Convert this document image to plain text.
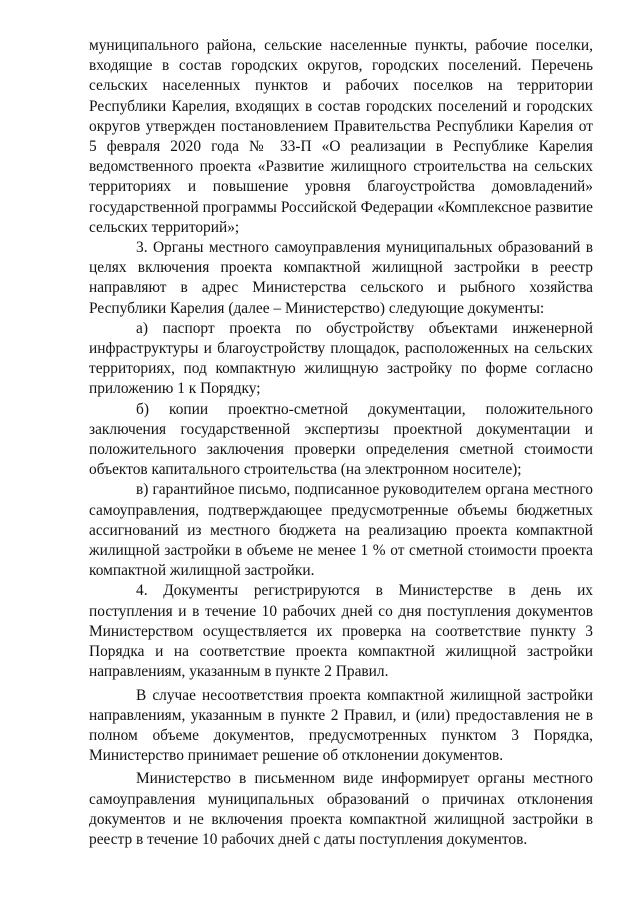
муниципального района, сельские населенные пункты, рабочие поселки, входящие в состав городских округов, городских поселений. Перечень сельских населенных пунктов и рабочих поселков на территории Республики Карелия, входящих в состав городских поселений и городских округов утвержден постановлением Правительства Республики Карелия от 5 февраля 2020 года № 33-П «О реализации в Республике Карелия ведомственного проекта «Развитие жилищного строительства на сельских территориях и повышение уровня благоустройства домовладений» государственной программы Российской Федерации «Комплексное развитие сельских территорий»;

3. Органы местного самоуправления муниципальных образований в целях включения проекта компактной жилищной застройки в реестр направляют в адрес Министерства сельского и рыбного хозяйства Республики Карелия (далее – Министерство) следующие документы:

а) паспорт проекта по обустройству объектами инженерной инфраструктуры и благоустройству площадок, расположенных на сельских территориях, под компактную жилищную застройку по форме согласно приложению 1 к Порядку;

б) копии проектно-сметной документации, положительного заключения государственной экспертизы проектной документации и положительного заключения проверки определения сметной стоимости объектов капитального строительства (на электронном носителе);

в) гарантийное письмо, подписанное руководителем органа местного самоуправления, подтверждающее предусмотренные объемы бюджетных ассигнований из местного бюджета на реализацию проекта компактной жилищной застройки в объеме не менее 1 % от сметной стоимости проекта компактной жилищной застройки.

4. Документы регистрируются в Министерстве в день их поступления и в течение 10 рабочих дней со дня поступления документов Министерством осуществляется их проверка на соответствие пункту 3 Порядка и на соответствие проекта компактной жилищной застройки направлениям, указанным в пункте 2 Правил.

В случае несоответствия проекта компактной жилищной застройки направлениям, указанным в пункте 2 Правил, и (или) предоставления не в полном объеме документов, предусмотренных пунктом 3 Порядка, Министерство принимает решение об отклонении документов.

Министерство в письменном виде информирует органы местного самоуправления муниципальных образований о причинах отклонения документов и не включения проекта компактной жилищной застройки в реестр в течение 10 рабочих дней с даты поступления документов.
